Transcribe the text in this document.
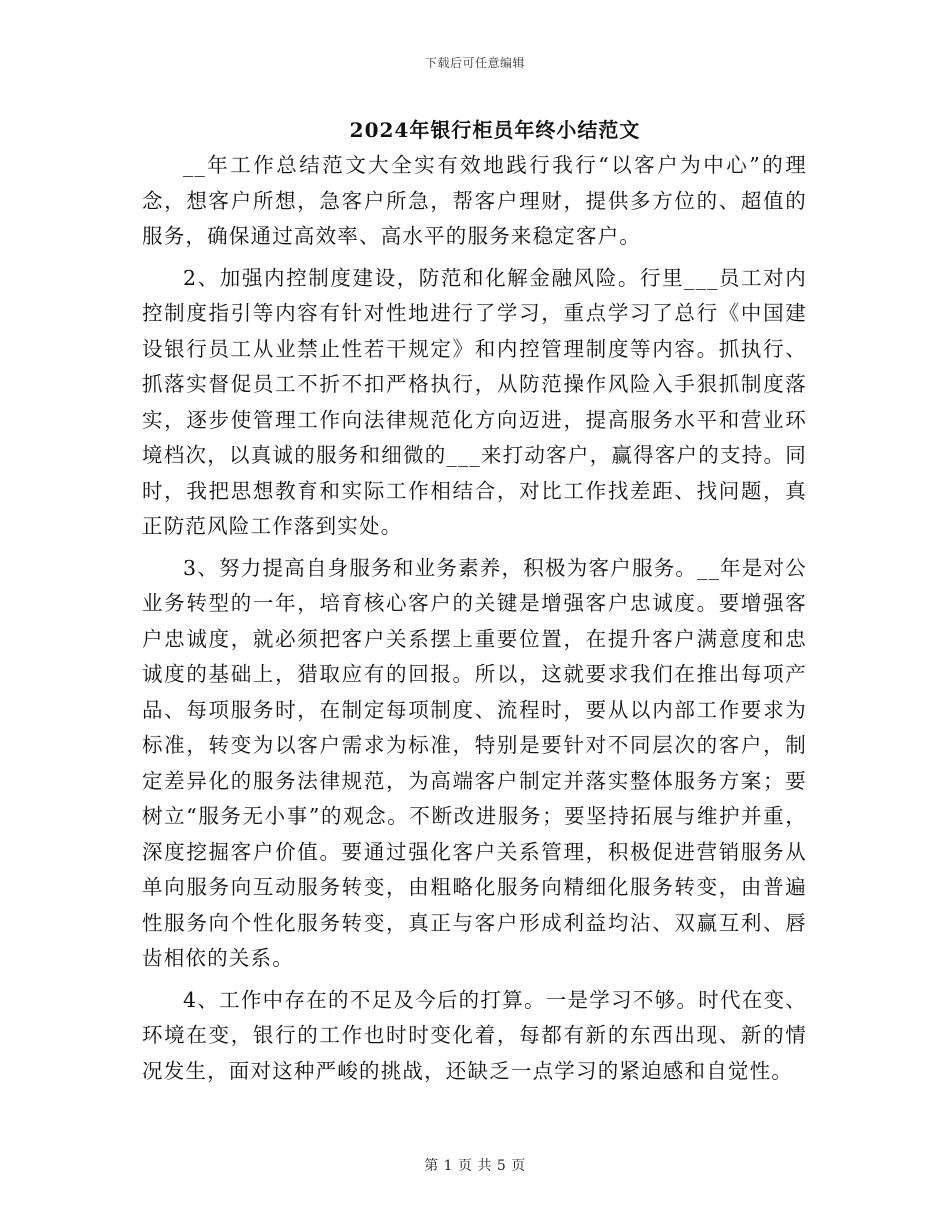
下载后可任意编辑
2024年银行柜员年终小结范文

__年工作总结范文大全实有效地践行我行“以客户为中心”的理念，想客户所想，急客户所急，帮客户理财，提供多方位的、超值的服务，确保通过高效率、高水平的服务来稳定客户。

2、加强内控制度建设，防范和化解金融风险。行里___员工对内控制度指引等内容有针对性地进行了学习，重点学习了总行《中国建设银行员工从业禁止性若干规定》和内控管理制度等内容。抓执行、抓落实督促员工不折不扣严格执行，从防范操作风险入手狠抓制度落实，逐步使管理工作向法律规范化方向迈进，提高服务水平和营业环境档次，以真诚的服务和细微的___来打动客户，赢得客户的支持。同时，我把思想教育和实际工作相结合，对比工作找差距、找问题，真正防范风险工作落到实处。

3、努力提高自身服务和业务素养，积极为客户服务。__年是对公业务转型的一年，培育核心客户的关键是增强客户忠诚度。要增强客户忠诚度，就必须把客户关系摆上重要位置，在提升客户满意度和忠诚度的基础上，猎取应有的回报。所以，这就要求我们在推出每项产品、每项服务时，在制定每项制度、流程时，要从以内部工作要求为标准，转变为以客户需求为标准，特别是要针对不同层次的客户，制定差异化的服务法律规范，为高端客户制定并落实整体服务方案；要树立“服务无小事”的观念。不断改进服务；要坚持拓展与维护并重，深度挖掘客户价值。要通过强化客户关系管理，积极促进营销服务从单向服务向互动服务转变，由粗略化服务向精细化服务转变，由普遍性服务向个性化服务转变，真正与客户形成利益均沾、双赢互利、唇齿相依的关系。

4、工作中存在的不足及今后的打算。一是学习不够。时代在变、环境在变，银行的工作也时时变化着，每都有新的东西出现、新的情况发生，面对这种严峻的挑战，还缺乏一点学习的紧迫感和自觉性。

第 1 页 共 5 页
